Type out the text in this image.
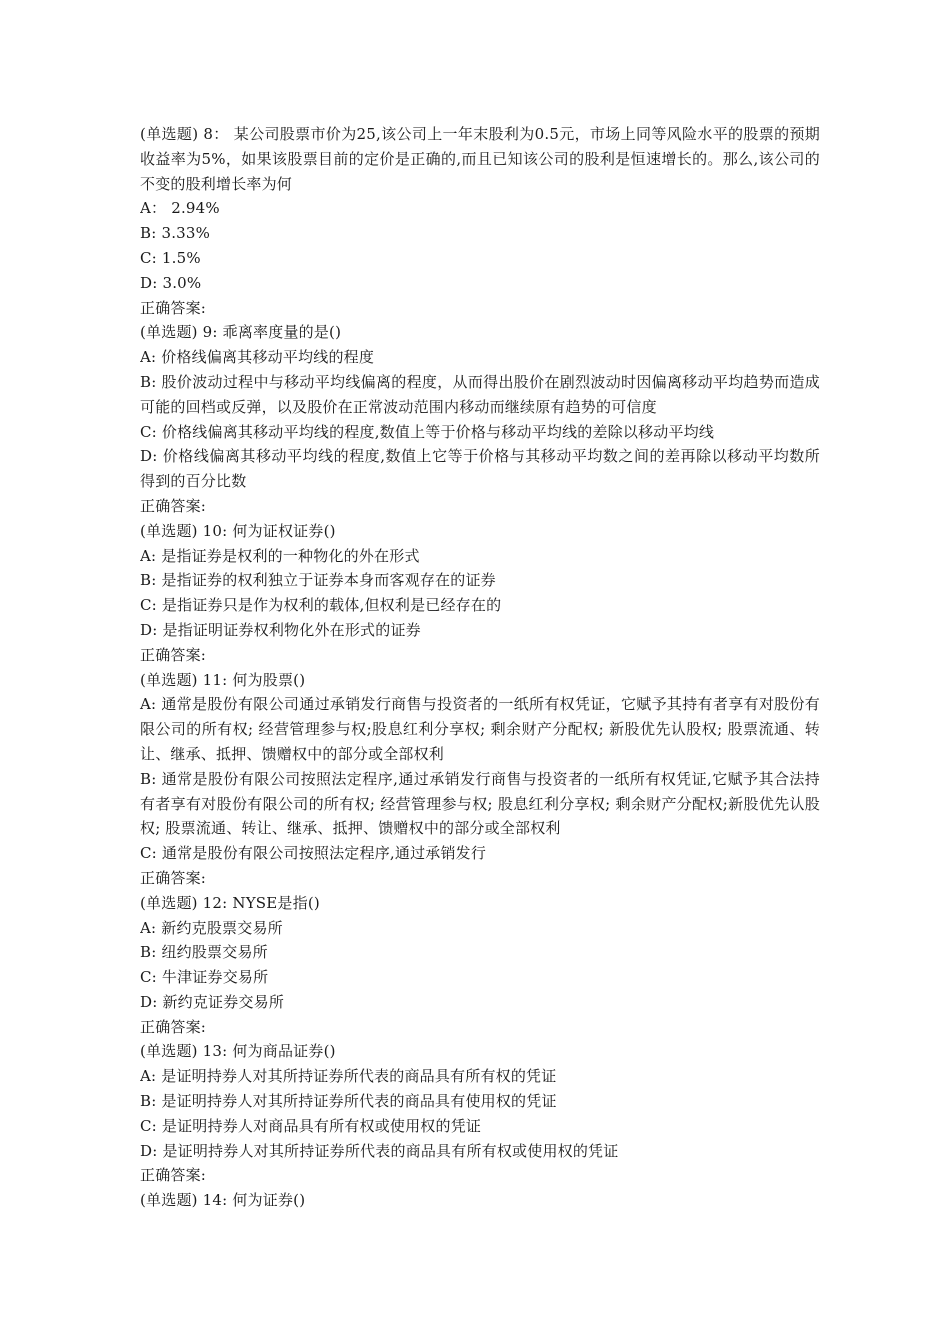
(单选题) 8： 某公司股票市价为25,该公司上一年末股利为0.5元，市场上同等风险水平的股票的预期收益率为5%，如果该股票目前的定价是正确的,而且已知该公司的股利是恒速增长的。那么,该公司的不变的股利增长率为何
A： 2.94%
B: 3.33%
C: 1.5%
D: 3.0%
正确答案:
(单选题) 9: 乖离率度量的是()
A: 价格线偏离其移动平均线的程度
B: 股价波动过程中与移动平均线偏离的程度，从而得出股价在剧烈波动时因偏离移动平均趋势而造成可能的回档或反弹，以及股价在正常波动范围内移动而继续原有趋势的可信度
C: 价格线偏离其移动平均线的程度,数值上等于价格与移动平均线的差除以移动平均线
D: 价格线偏离其移动平均线的程度,数值上它等于价格与其移动平均数之间的差再除以移动平均数所得到的百分比数
正确答案:
(单选题) 10: 何为证权证券()
A: 是指证券是权利的一种物化的外在形式
B: 是指证券的权利独立于证券本身而客观存在的证券
C: 是指证券只是作为权利的载体,但权利是已经存在的
D: 是指证明证券权利物化外在形式的证券
正确答案:
(单选题) 11: 何为股票()
A: 通常是股份有限公司通过承销发行商售与投资者的一纸所有权凭证，它赋予其持有者享有对股份有限公司的所有权; 经营管理参与权;股息红利分享权; 剩余财产分配权; 新股优先认股权; 股票流通、转让、继承、抵押、馈赠权中的部分或全部权利
B: 通常是股份有限公司按照法定程序,通过承销发行商售与投资者的一纸所有权凭证,它赋予其合法持有者享有对股份有限公司的所有权; 经营管理参与权; 股息红利分享权; 剩余财产分配权;新股优先认股权; 股票流通、转让、继承、抵押、馈赠权中的部分或全部权利
C: 通常是股份有限公司按照法定程序,通过承销发行
正确答案:
(单选题) 12: NYSE是指()
A: 新约克股票交易所
B: 纽约股票交易所
C: 牛津证券交易所
D: 新约克证券交易所
正确答案:
(单选题) 13: 何为商品证券()
A: 是证明持券人对其所持证券所代表的商品具有所有权的凭证
B: 是证明持券人对其所持证券所代表的商品具有使用权的凭证
C: 是证明持券人对商品具有所有权或使用权的凭证
D: 是证明持券人对其所持证券所代表的商品具有所有权或使用权的凭证
正确答案:
(单选题) 14: 何为证券()
